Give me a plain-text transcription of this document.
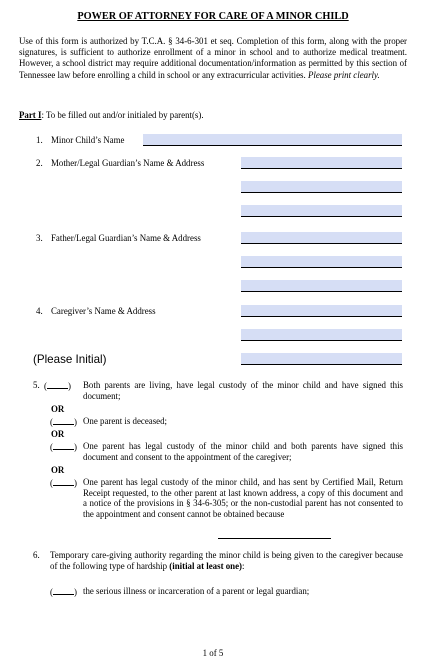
POWER OF ATTORNEY FOR CARE OF A MINOR CHILD

Use of this form is authorized by T.C.A. § 34-6-301 et seq. Completion of this form, along with the proper signatures, is sufficient to authorize enrollment of a minor in school and to authorize medical treatment. However, a school district may require additional documentation/information as permitted by this section of Tennessee law before enrolling a child in school or any extracurricular activities. Please print clearly.

Part I: To be filled out and/or initialed by parent(s).
1. Minor Child’s Name
2. Mother/Legal Guardian’s Name & Address
3. Father/Legal Guardian’s Name & Address
4. Caregiver’s Name & Address
(Please Initial)
5. ( ) Both parents are living, have legal custody of the minor child and have signed this document;
OR
( ) One parent is deceased;
OR
( ) One parent has legal custody of the minor child and both parents have signed this document and consent to the appointment of the caregiver;
OR
( ) One parent has legal custody of the minor child, and has sent by Certified Mail, Return Receipt requested, to the other parent at last known address, a copy of this document and a notice of the provisions in § 34-6-305; or the non-custodial parent has not consented to the appointment and consent cannot be obtained because
6. Temporary care-giving authority regarding the minor child is being given to the caregiver because of the following type of hardship (initial at least one):
( ) the serious illness or incarceration of a parent or legal guardian;
1 of 5
